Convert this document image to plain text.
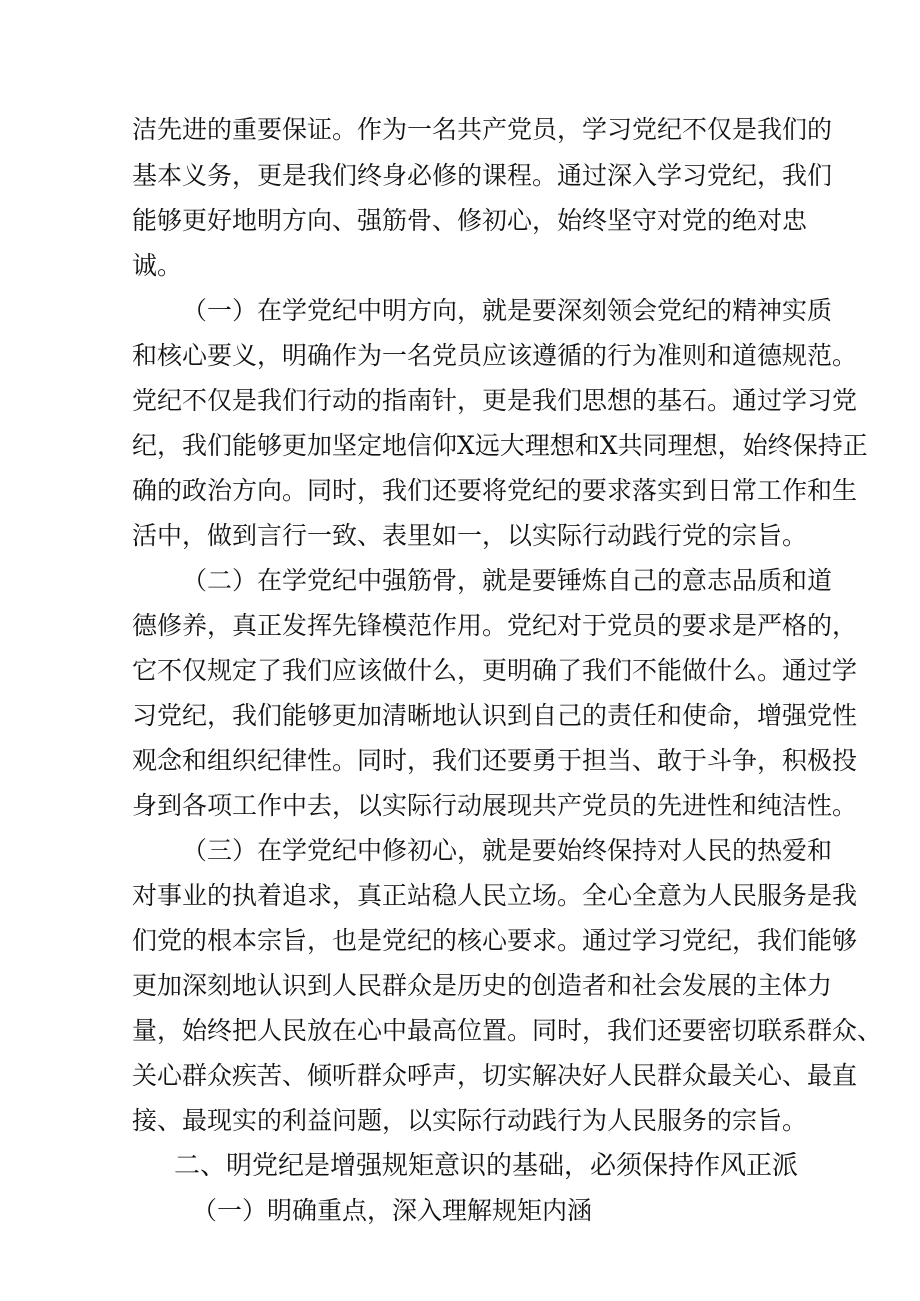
洁先进的重要保证。作为一名共产党员，学习党纪不仅是我们的
基本义务，更是我们终身必修的课程。通过深入学习党纪，我们
能够更好地明方向、强筋骨、修初心，始终坚守对党的绝对忠
诚。
（一）在学党纪中明方向，就是要深刻领会党纪的精神实质
和核心要义，明确作为一名党员应该遵循的行为准则和道德规范。
党纪不仅是我们行动的指南针，更是我们思想的基石。通过学习党
纪，我们能够更加坚定地信仰X远大理想和X共同理想，始终保持正
确的政治方向。同时，我们还要将党纪的要求落实到日常工作和生
活中，做到言行一致、表里如一，以实际行动践行党的宗旨。
（二）在学党纪中强筋骨，就是要锤炼自己的意志品质和道
德修养，真正发挥先锋模范作用。党纪对于党员的要求是严格的，
它不仅规定了我们应该做什么，更明确了我们不能做什么。通过学
习党纪，我们能够更加清晰地认识到自己的责任和使命，增强党性
观念和组织纪律性。同时，我们还要勇于担当、敢于斗争，积极投
身到各项工作中去，以实际行动展现共产党员的先进性和纯洁性。
（三）在学党纪中修初心，就是要始终保持对人民的热爱和
对事业的执着追求，真正站稳人民立场。全心全意为人民服务是我
们党的根本宗旨，也是党纪的核心要求。通过学习党纪，我们能够
更加深刻地认识到人民群众是历史的创造者和社会发展的主体力
量，始终把人民放在心中最高位置。同时，我们还要密切联系群众、
关心群众疾苦、倾听群众呼声，切实解决好人民群众最关心、最直
接、最现实的利益问题，以实际行动践行为人民服务的宗旨。
二、明党纪是增强规矩意识的基础，必须保持作风正派
（一）明确重点，深入理解规矩内涵
